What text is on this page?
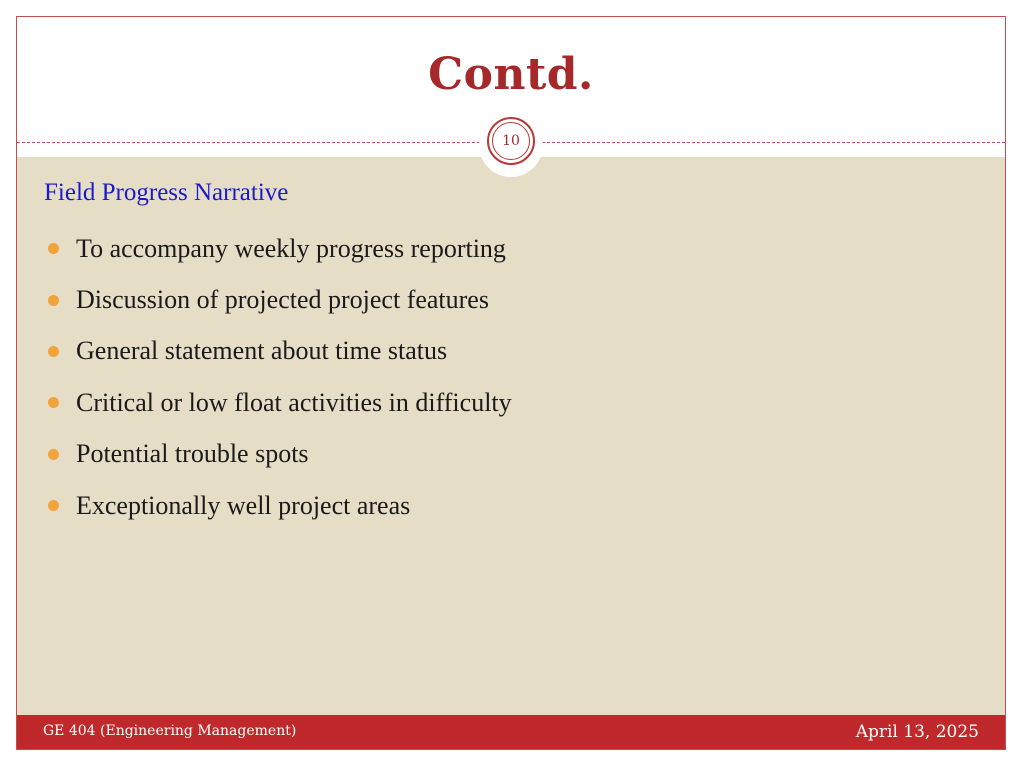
Contd.
10
Field Progress Narrative
To accompany weekly progress reporting
Discussion of projected project features
General statement about time status
Critical or low float activities in difficulty
Potential trouble spots
Exceptionally well project areas
GE 404 (Engineering Management)	April 13, 2025
